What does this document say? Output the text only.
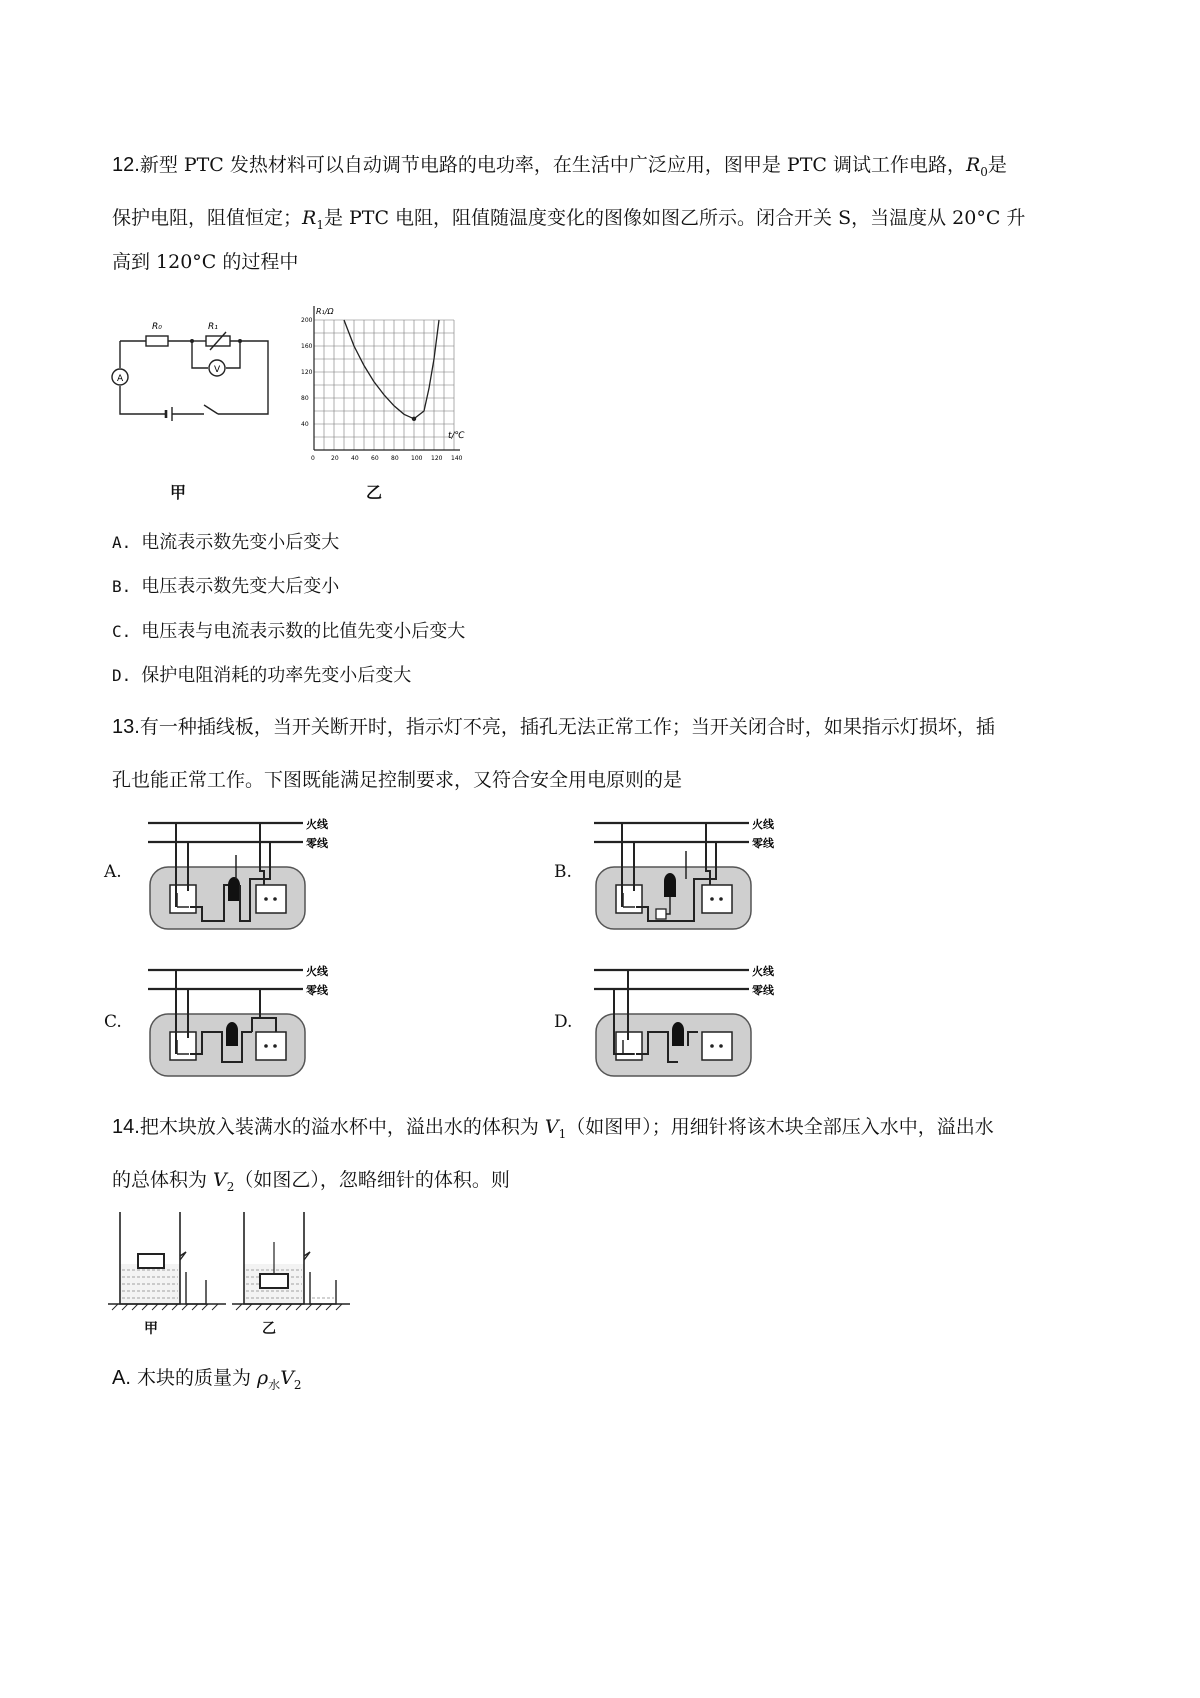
12.新型 PTC 发热材料可以自动调节电路的电功率，在生活中广泛应用，图甲是 PTC 调试工作电路，$R_0$是
保护电阻，阻值恒定；$R_1$是 PTC 电阻，阻值随温度变化的图像如图乙所示。闭合开关 S，当温度从 20°C 升
高到 120°C 的过程中
R₀	R₁
A
V
甲
0	20 40 60 80 100 120 140
40
80
120
160
200
R₁/Ω
t/℃
乙
A. 电流表示数先变小后变大
B. 电压表示数先变大后变小
C. 电压表与电流表示数的比值先变小后变大
D. 保护电阻消耗的功率先变小后变大
13.有一种插线板，当开关断开时，指示灯不亮，插孔无法正常工作；当开关闭合时，如果指示灯损坏，插
孔也能正常工作。下图既能满足控制要求，又符合安全用电原则的是
A.	B.
C.	D.
火线
零线
火线
零线
火线
零线
火线
零线
14.把木块放入装满水的溢水杯中，溢出水的体积为 $V_1$（如图甲）；用细针将该木块全部压入水中，溢出水
的总体积为 $V_2$（如图乙），忽略细针的体积。则
甲	乙
A. 木块的质量为 $\rho_水V_2$
